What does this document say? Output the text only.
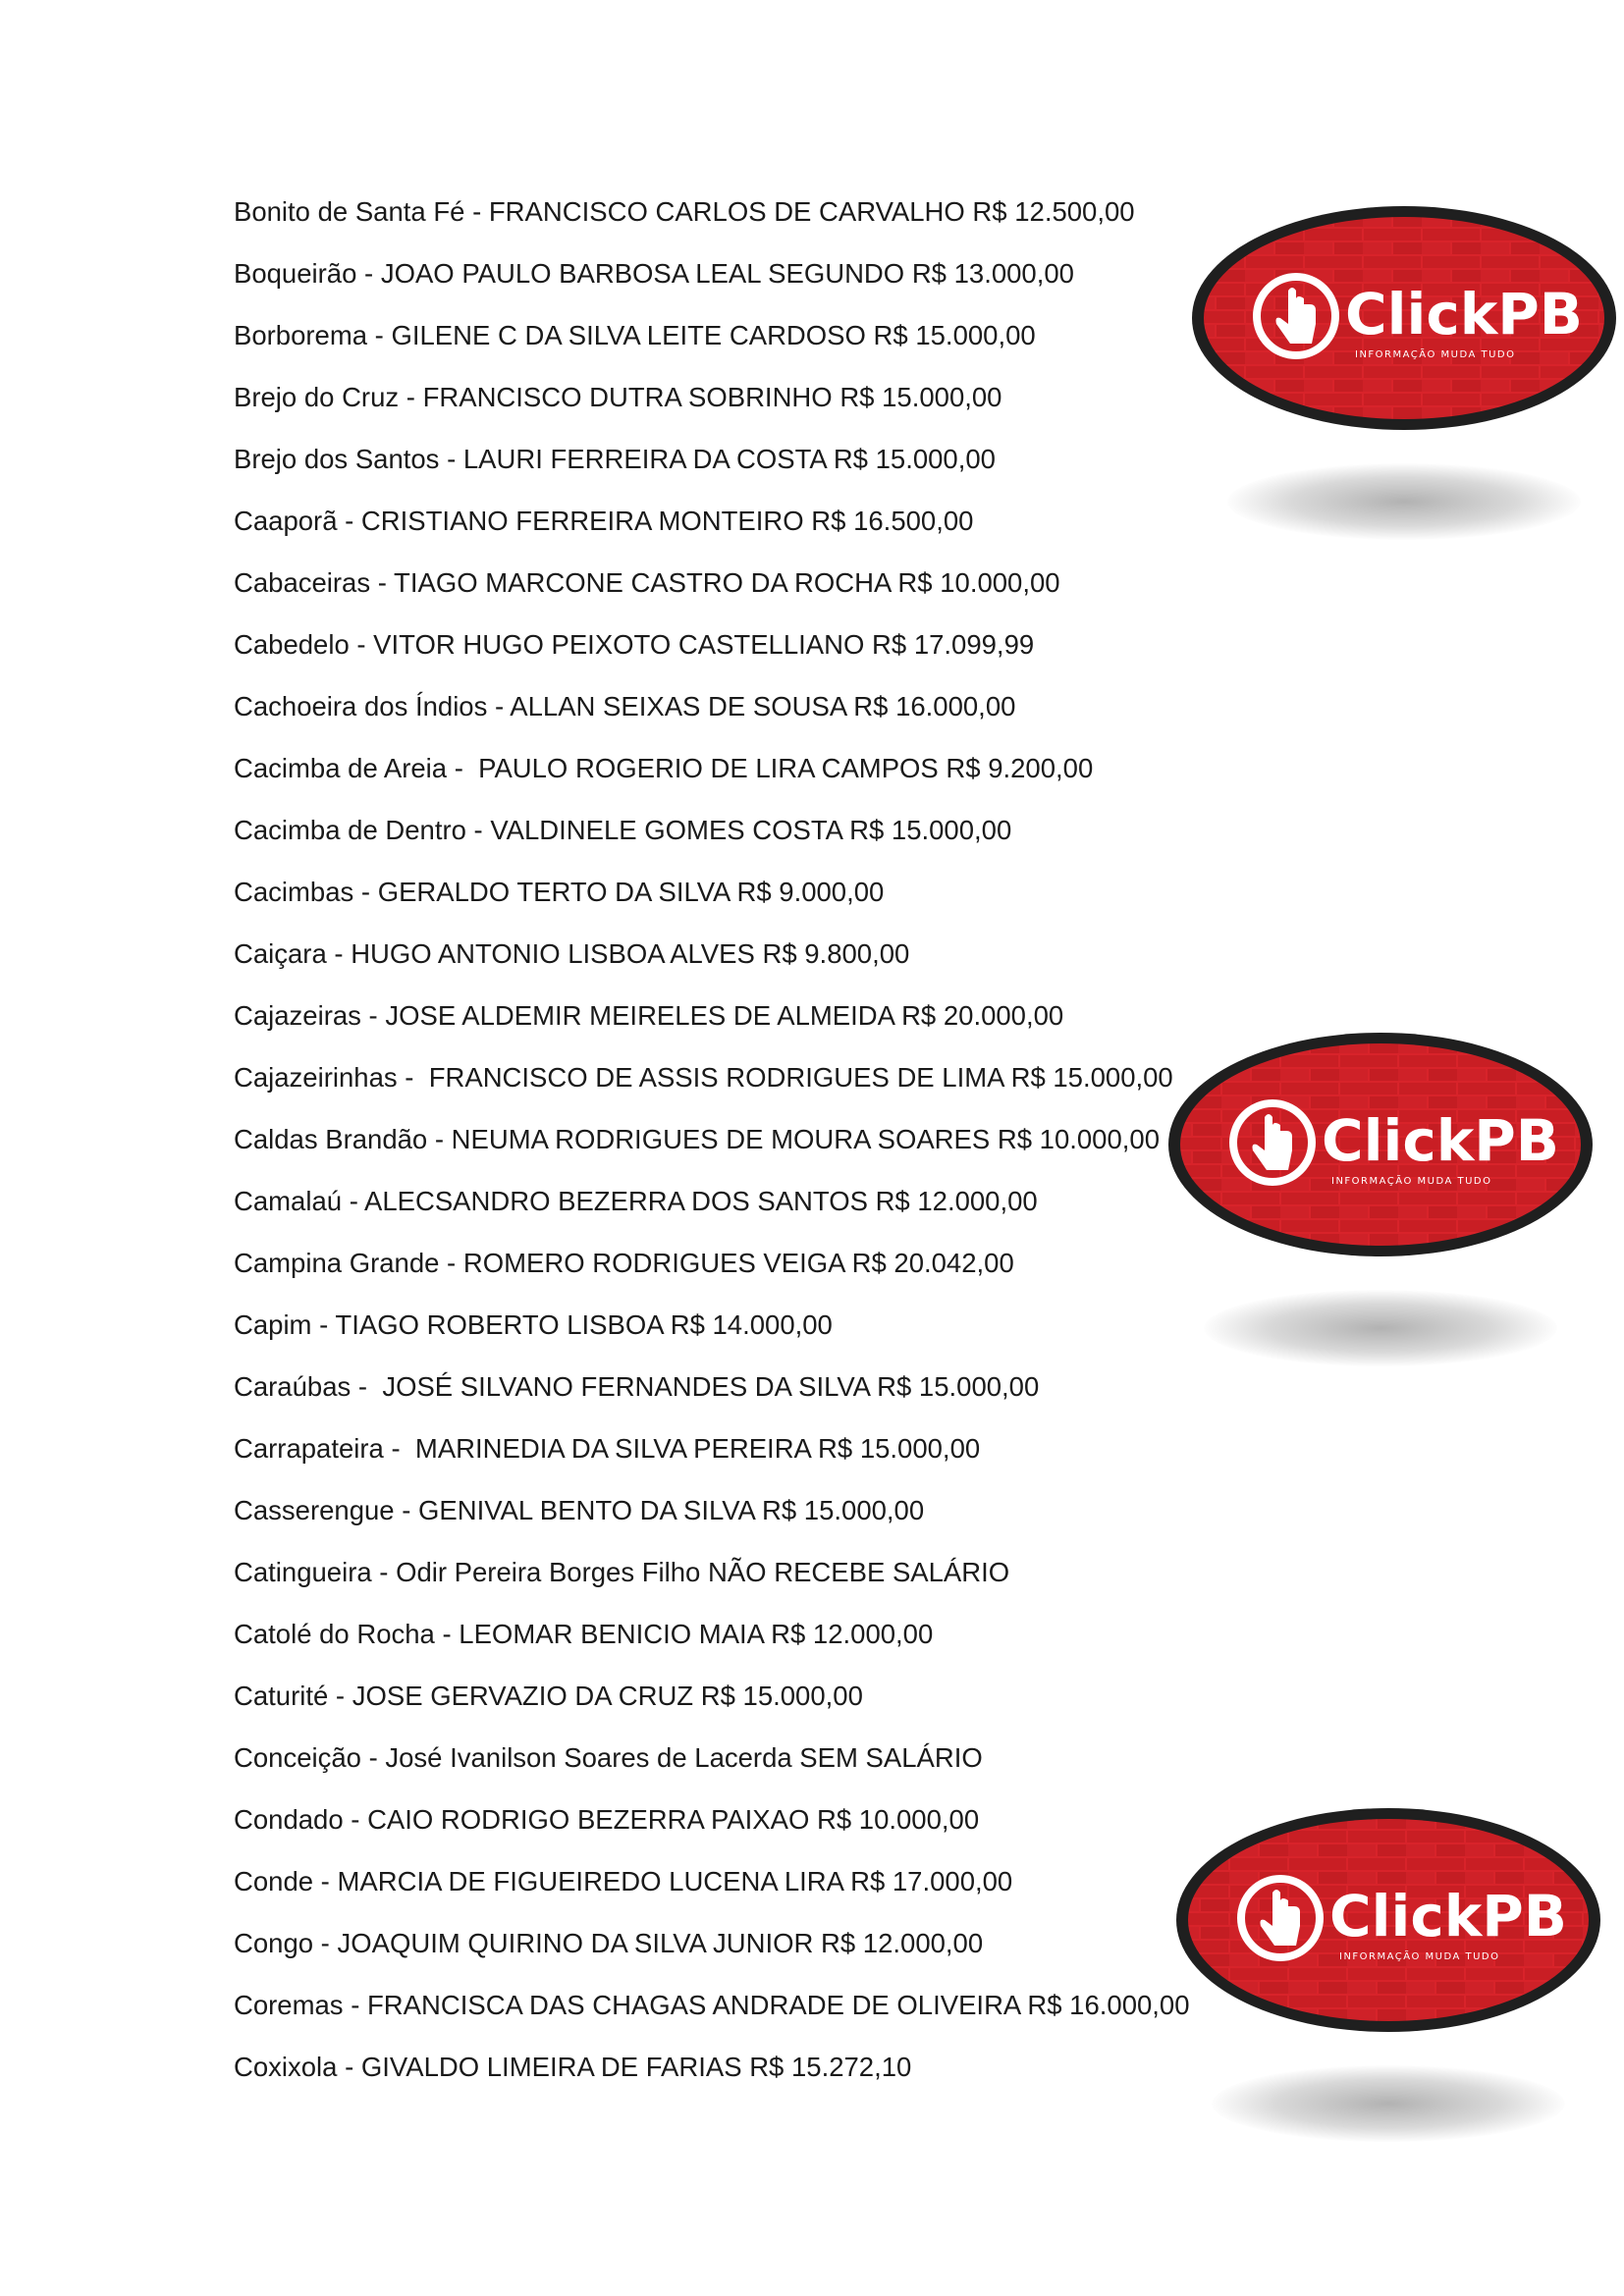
Bonito de Santa Fé - FRANCISCO CARLOS DE CARVALHO R$ 12.500,00
Boqueirão - JOAO PAULO BARBOSA LEAL SEGUNDO R$ 13.000,00
Borborema - GILENE C DA SILVA LEITE CARDOSO R$ 15.000,00
Brejo do Cruz - FRANCISCO DUTRA SOBRINHO R$ 15.000,00
Brejo dos Santos - LAURI FERREIRA DA COSTA R$ 15.000,00
Caaporã - CRISTIANO FERREIRA MONTEIRO R$ 16.500,00
Cabaceiras - TIAGO MARCONE CASTRO DA ROCHA R$ 10.000,00
Cabedelo - VITOR HUGO PEIXOTO CASTELLIANO R$ 17.099,99
Cachoeira dos Índios - ALLAN SEIXAS DE SOUSA R$ 16.000,00
Cacimba de Areia -  PAULO ROGERIO DE LIRA CAMPOS R$ 9.200,00
Cacimba de Dentro - VALDINELE GOMES COSTA R$ 15.000,00
Cacimbas - GERALDO TERTO DA SILVA R$ 9.000,00
Caiçara - HUGO ANTONIO LISBOA ALVES R$ 9.800,00
Cajazeiras - JOSE ALDEMIR MEIRELES DE ALMEIDA R$ 20.000,00
Cajazeirinhas -  FRANCISCO DE ASSIS RODRIGUES DE LIMA R$ 15.000,00
Caldas Brandão - NEUMA RODRIGUES DE MOURA SOARES R$ 10.000,00
Camalaú - ALECSANDRO BEZERRA DOS SANTOS R$ 12.000,00
Campina Grande - ROMERO RODRIGUES VEIGA R$ 20.042,00
Capim - TIAGO ROBERTO LISBOA R$ 14.000,00
Caraúbas -  JOSÉ SILVANO FERNANDES DA SILVA R$ 15.000,00
Carrapateira -  MARINEDIA DA SILVA PEREIRA R$ 15.000,00
Casserengue - GENIVAL BENTO DA SILVA R$ 15.000,00
Catingueira - Odir Pereira Borges Filho NÃO RECEBE SALÁRIO
Catolé do Rocha - LEOMAR BENICIO MAIA R$ 12.000,00
Caturité - JOSE GERVAZIO DA CRUZ R$ 15.000,00
Conceição - José Ivanilson Soares de Lacerda SEM SALÁRIO
Condado - CAIO RODRIGO BEZERRA PAIXAO R$ 10.000,00
Conde - MARCIA DE FIGUEIREDO LUCENA LIRA R$ 17.000,00
Congo - JOAQUIM QUIRINO DA SILVA JUNIOR R$ 12.000,00
Coremas - FRANCISCA DAS CHAGAS ANDRADE DE OLIVEIRA R$ 16.000,00
Coxixola - GIVALDO LIMEIRA DE FARIAS R$ 15.272,10
ClickPB
INFORMAÇÃO MUDA TUDO
ClickPB
INFORMAÇÃO MUDA TUDO
ClickPB
INFORMAÇÃO MUDA TUDO
